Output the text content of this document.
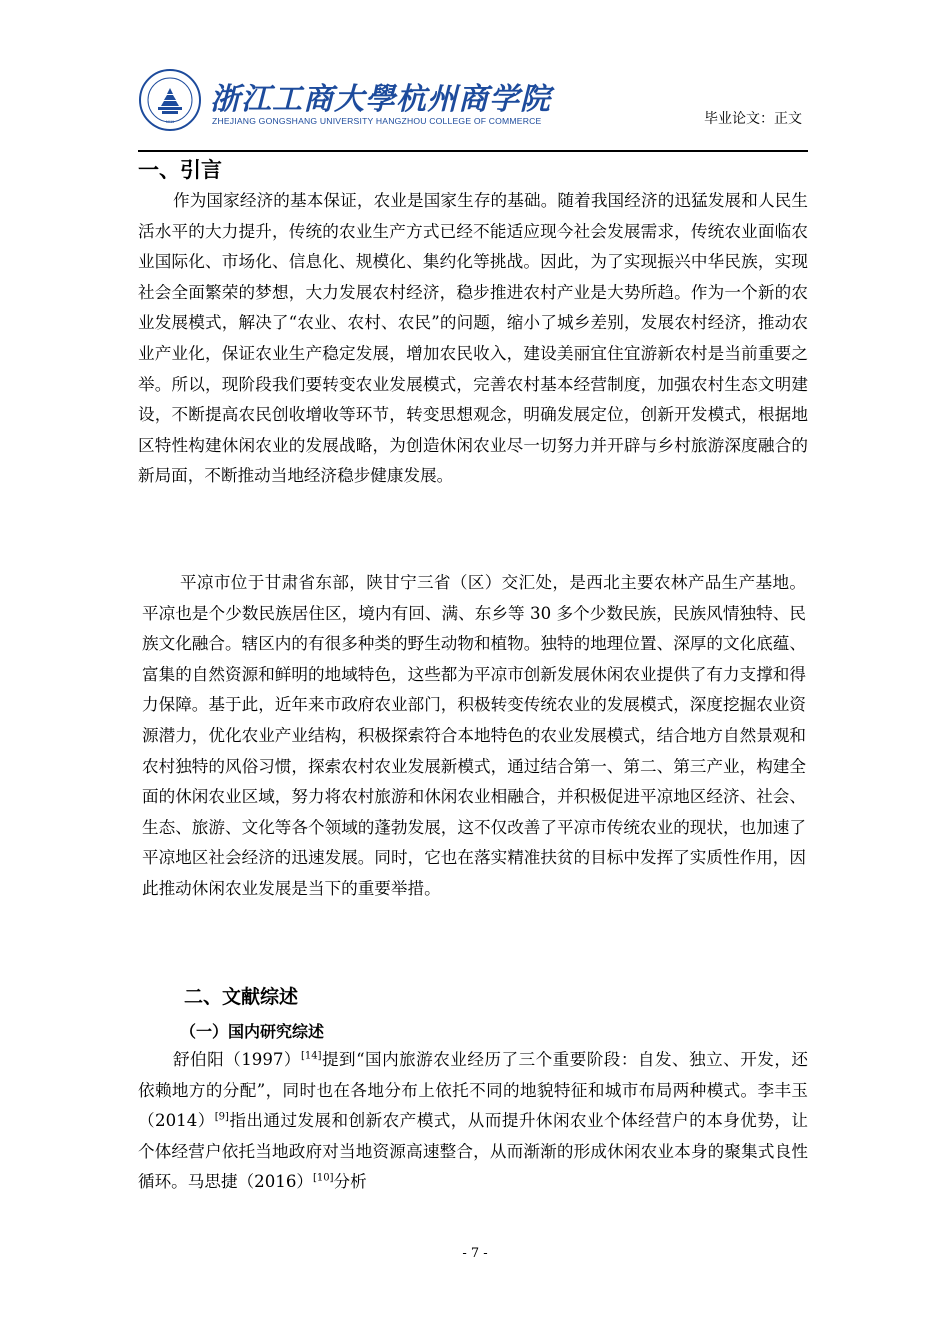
1911
浙江工商大學杭州商学院
ZHEJIANG GONGSHANG UNIVERSITY HANGZHOU COLLEGE OF COMMERCE	毕业论文：正文
一、引言
作为国家经济的基本保证，农业是国家生存的基础。随着我国经济的迅猛发展和人民生活水平的大力提升，传统的农业生产方式已经不能适应现今社会发展需求，传统农业面临农业国际化、市场化、信息化、规模化、集约化等挑战。因此，为了实现振兴中华民族，实现社会全面繁荣的梦想，大力发展农村经济，稳步推进农村产业是大势所趋。作为一个新的农业发展模式，解决了“农业、农村、农民”的问题，缩小了城乡差别，发展农村经济，推动农业产业化，保证农业生产稳定发展，增加农民收入，建设美丽宜住宜游新农村是当前重要之举。所以，现阶段我们要转变农业发展模式，完善农村基本经营制度，加强农村生态文明建设，不断提高农民创收增收等环节，转变思想观念，明确发展定位，创新开发模式，根据地区特性构建休闲农业的发展战略，为创造休闲农业尽一切努力并开辟与乡村旅游深度融合的新局面，不断推动当地经济稳步健康发展。
平凉市位于甘肃省东部，陕甘宁三省（区）交汇处，是西北主要农林产品生产基地。平凉也是个少数民族居住区，境内有回、满、东乡等 30 多个少数民族，民族风情独特、民族文化融合。辖区内的有很多种类的野生动物和植物。独特的地理位置、深厚的文化底蕴、富集的自然资源和鲜明的地域特色，这些都为平凉市创新发展休闲农业提供了有力支撑和得力保障。基于此，近年来市政府农业部门，积极转变传统农业的发展模式，深度挖掘农业资源潜力，优化农业产业结构，积极探索符合本地特色的农业发展模式，结合地方自然景观和农村独特的风俗习惯，探索农村农业发展新模式，通过结合第一、第二、第三产业，构建全面的休闲农业区域，努力将农村旅游和休闲农业相融合，并积极促进平凉地区经济、社会、生态、旅游、文化等各个领域的蓬勃发展，这不仅改善了平凉市传统农业的现状，也加速了平凉地区社会经济的迅速发展。同时，它也在落实精准扶贫的目标中发挥了实质性作用，因此推动休闲农业发展是当下的重要举措。
二、文献综述
（一）国内研究综述
舒伯阳（1997）[14]提到“国内旅游农业经历了三个重要阶段：自发、独立、开发，还依赖地方的分配”，同时也在各地分布上依托不同的地貌特征和城市布局两种模式。李丰玉（2014）[9]指出通过发展和创新农产模式，从而提升休闲农业个体经营户的本身优势，让个体经营户依托当地政府对当地资源高速整合，从而渐渐的形成休闲农业本身的聚集式良性循环。马思捷（2016）[10]分析
- 7 -
